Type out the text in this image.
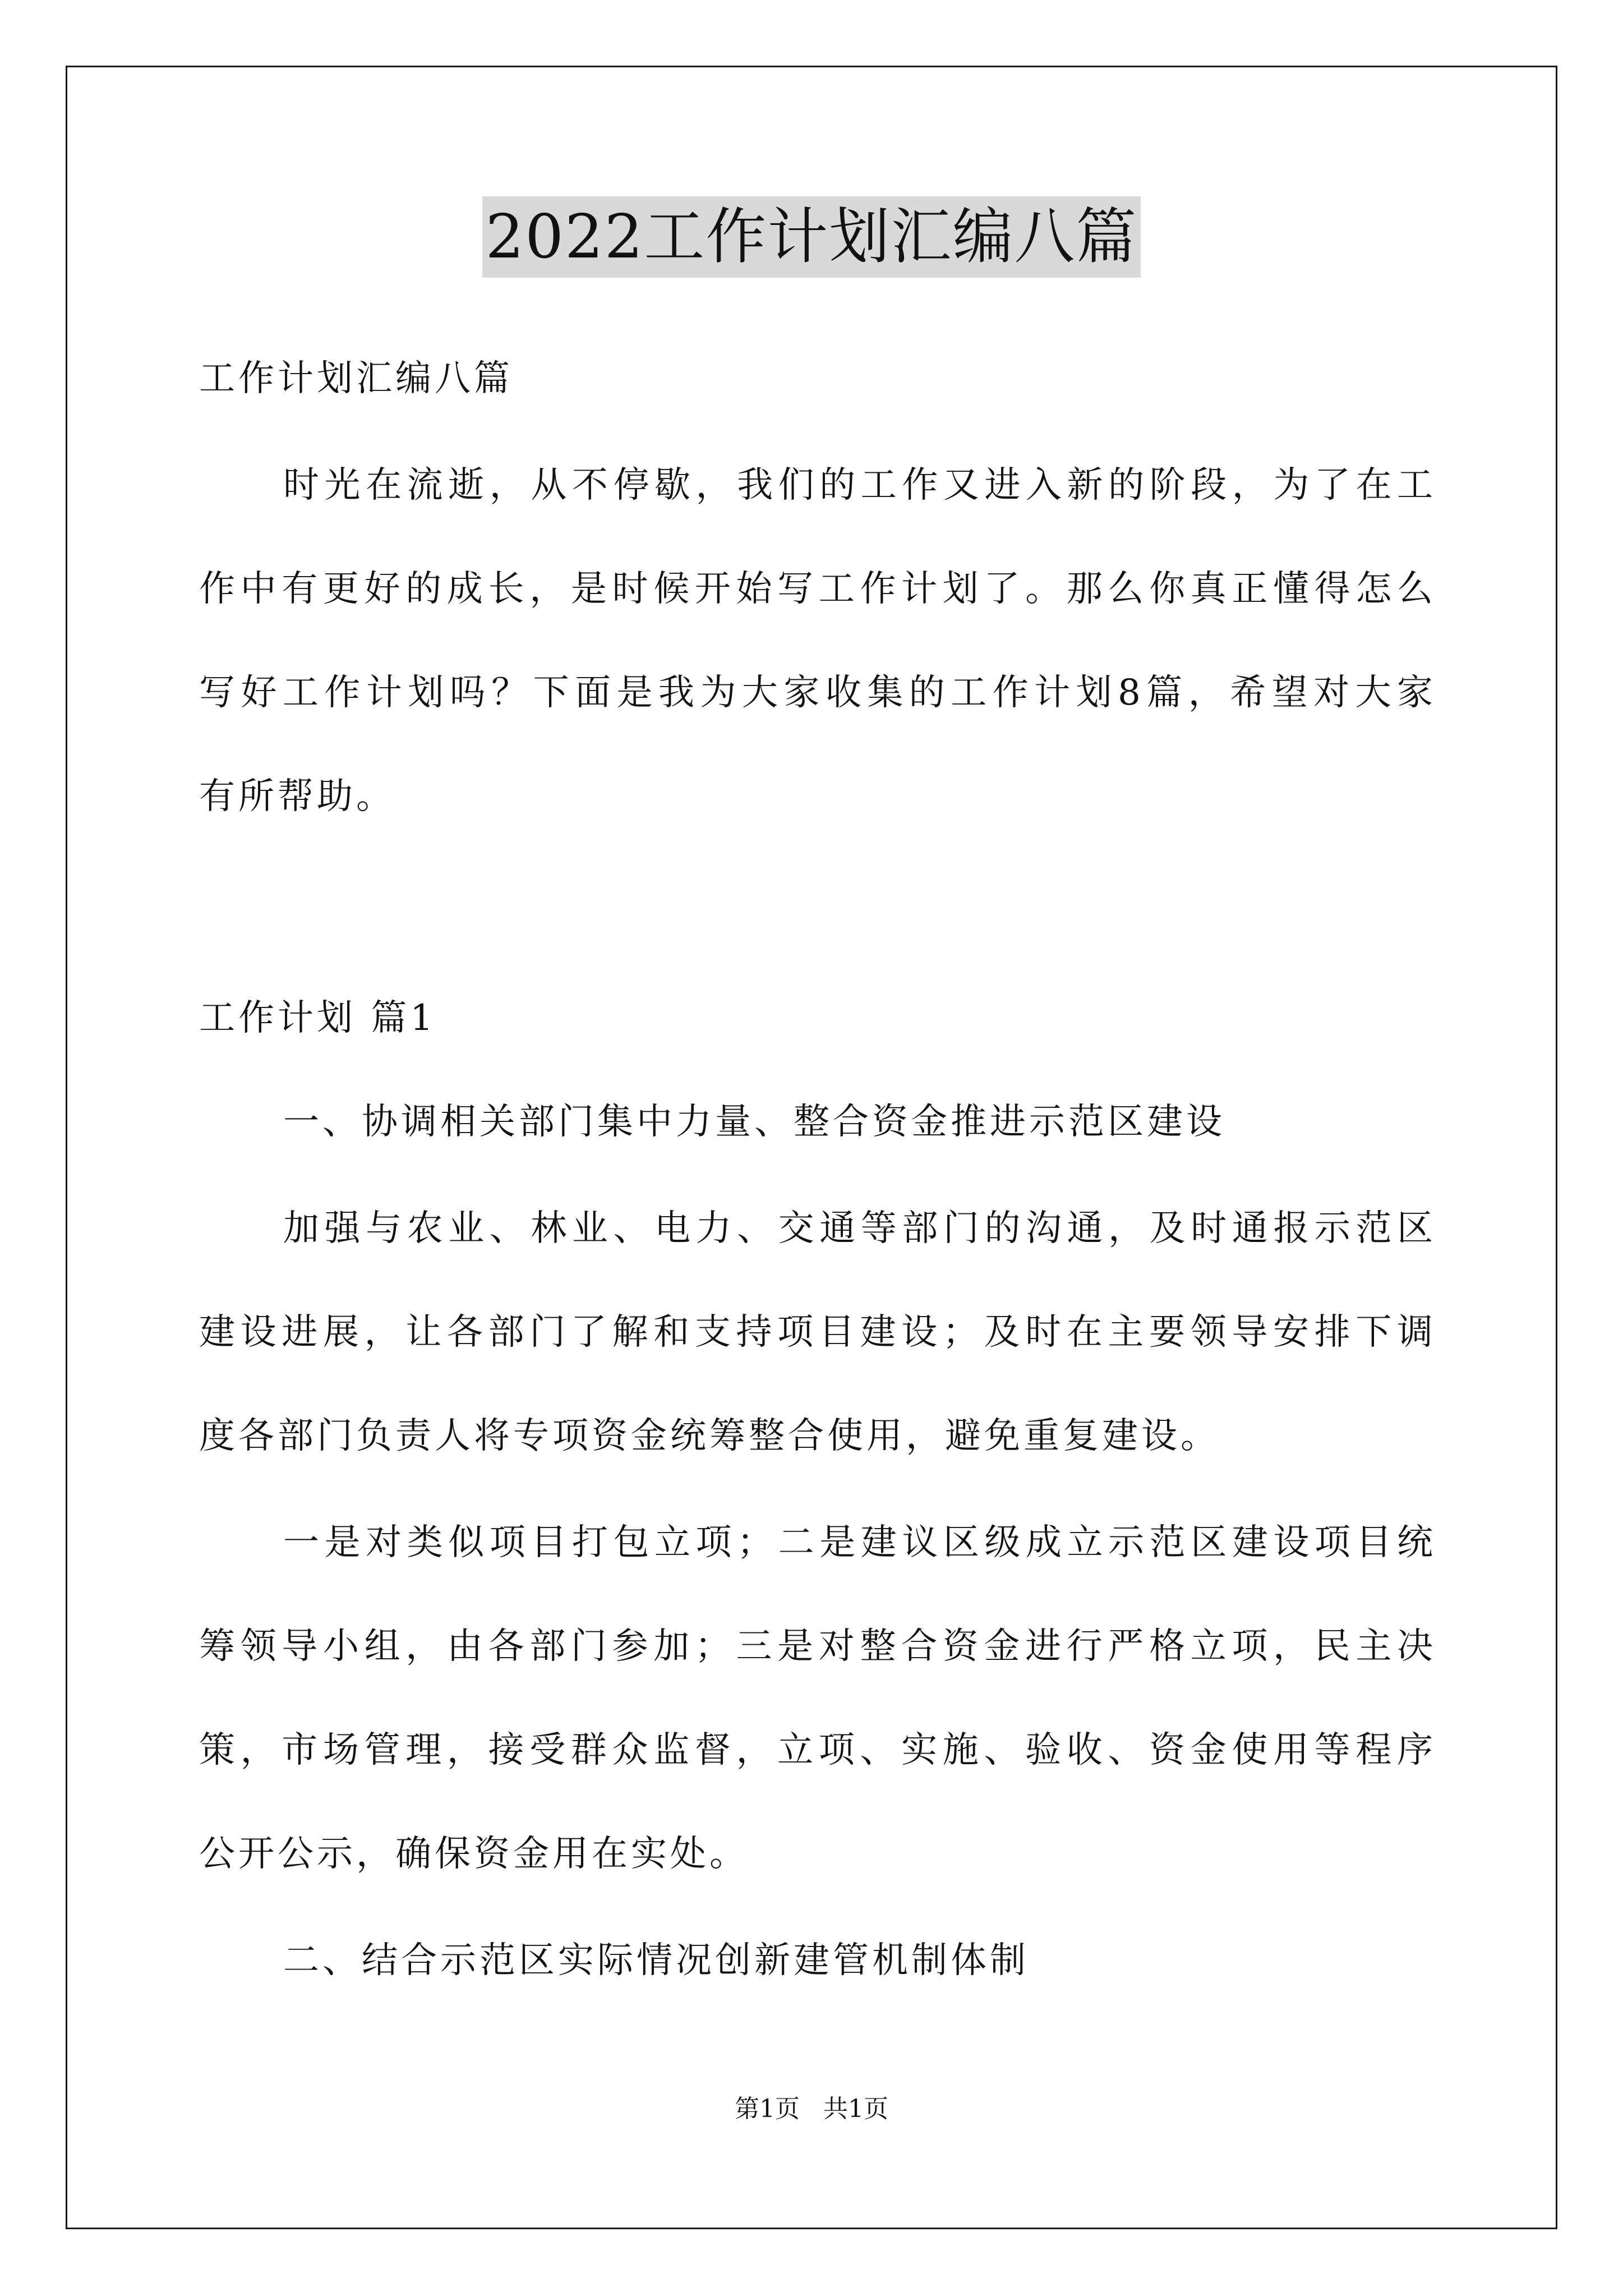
2022工作计划汇编八篇
工作计划汇编八篇
时光在流逝，从不停歇，我们的工作又进入新的阶段，为了在工
作中有更好的成长，是时候开始写工作计划了。那么你真正懂得怎么
写好工作计划吗？下面是我为大家收集的工作计划8篇，希望对大家
有所帮助。
工作计划 篇1
一、协调相关部门集中力量、整合资金推进示范区建设
加强与农业、林业、电力、交通等部门的沟通，及时通报示范区
建设进展，让各部门了解和支持项目建设；及时在主要领导安排下调
度各部门负责人将专项资金统筹整合使用，避免重复建设。
一是对类似项目打包立项；二是建议区级成立示范区建设项目统
筹领导小组，由各部门参加；三是对整合资金进行严格立项，民主决
策，市场管理，接受群众监督，立项、实施、验收、资金使用等程序
公开公示，确保资金用在实处。
二、结合示范区实际情况创新建管机制体制
第1页   共1页
